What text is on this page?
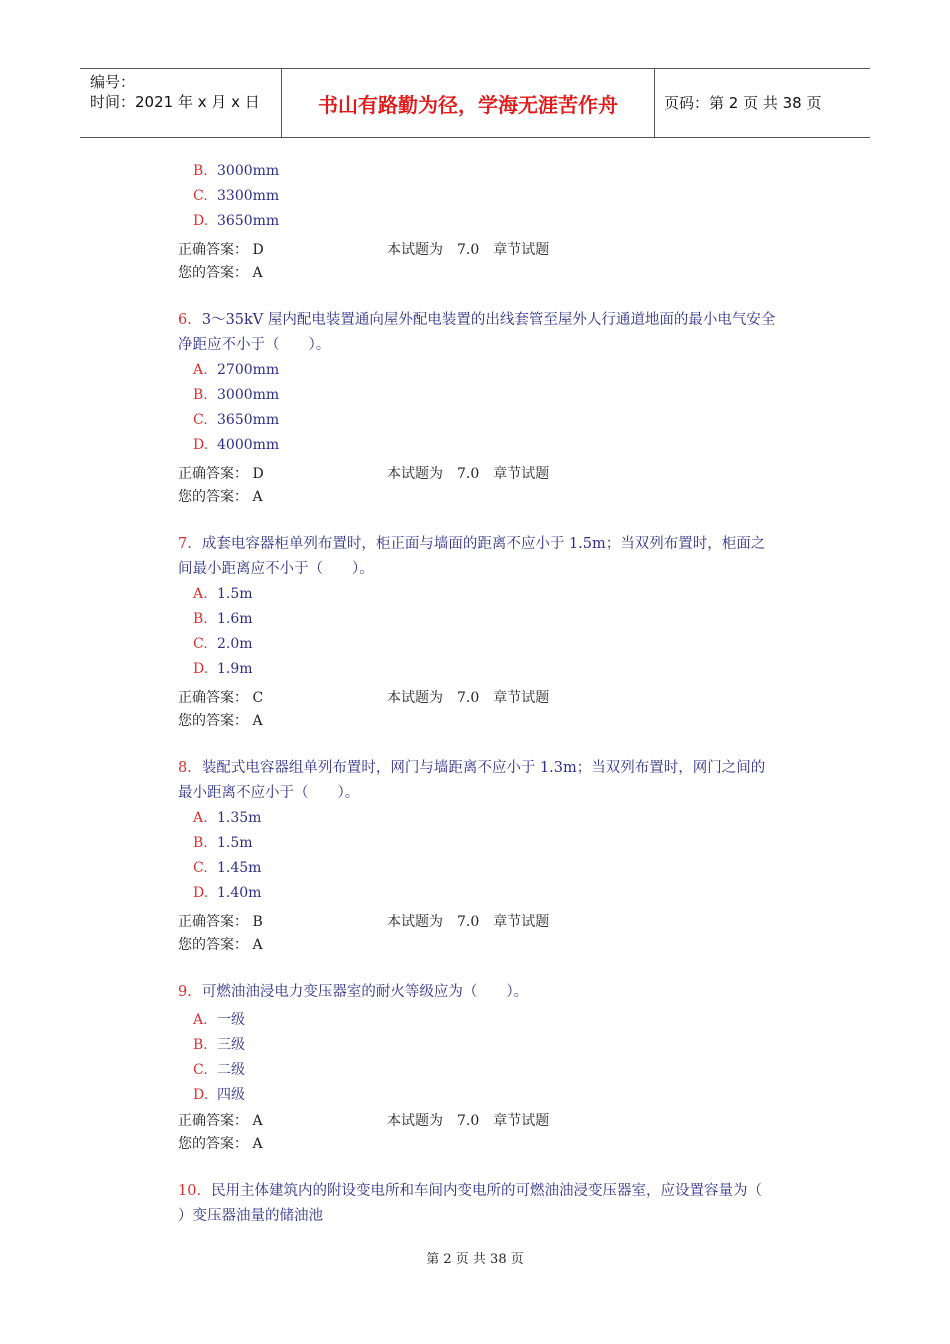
编号：
时间：2021 年 x 月 x 日	书山有路勤为径，学海无涯苦作舟	页码：第 2 页 共 38 页
B. 3000mm
C. 3300mm
D. 3650mm
正确答案： D	本试题为 7.0 章节试题
您的答案： A
6. 3～35kV 屋内配电装置通向屋外配电装置的出线套管至屋外人行通道地面的最小电气安全
净距应不小于（　　）。
A. 2700mm
B. 3000mm
C. 3650mm
D. 4000mm
正确答案： D	本试题为 7.0 章节试题
您的答案： A
7. 成套电容器柜单列布置时，柜正面与墙面的距离不应小于 1.5m；当双列布置时，柜面之
间最小距离应不小于（　　）。
A. 1.5m
B. 1.6m
C. 2.0m
D. 1.9m
正确答案： C	本试题为 7.0 章节试题
您的答案： A
8. 装配式电容器组单列布置时，网门与墙距离不应小于 1.3m；当双列布置时，网门之间的
最小距离不应小于（　　）。
A. 1.35m
B. 1.5m
C. 1.45m
D. 1.40m
正确答案： B	本试题为 7.0 章节试题
您的答案： A
9. 可燃油油浸电力变压器室的耐火等级应为（　　）。
A. 一级
B. 三级
C. 二级
D. 四级
正确答案： A	本试题为 7.0 章节试题
您的答案： A
10. 民用主体建筑内的附设变电所和车间内变电所的可燃油油浸变压器室，应设置容量为（
）变压器油量的储油池
第 2 页 共 38 页
